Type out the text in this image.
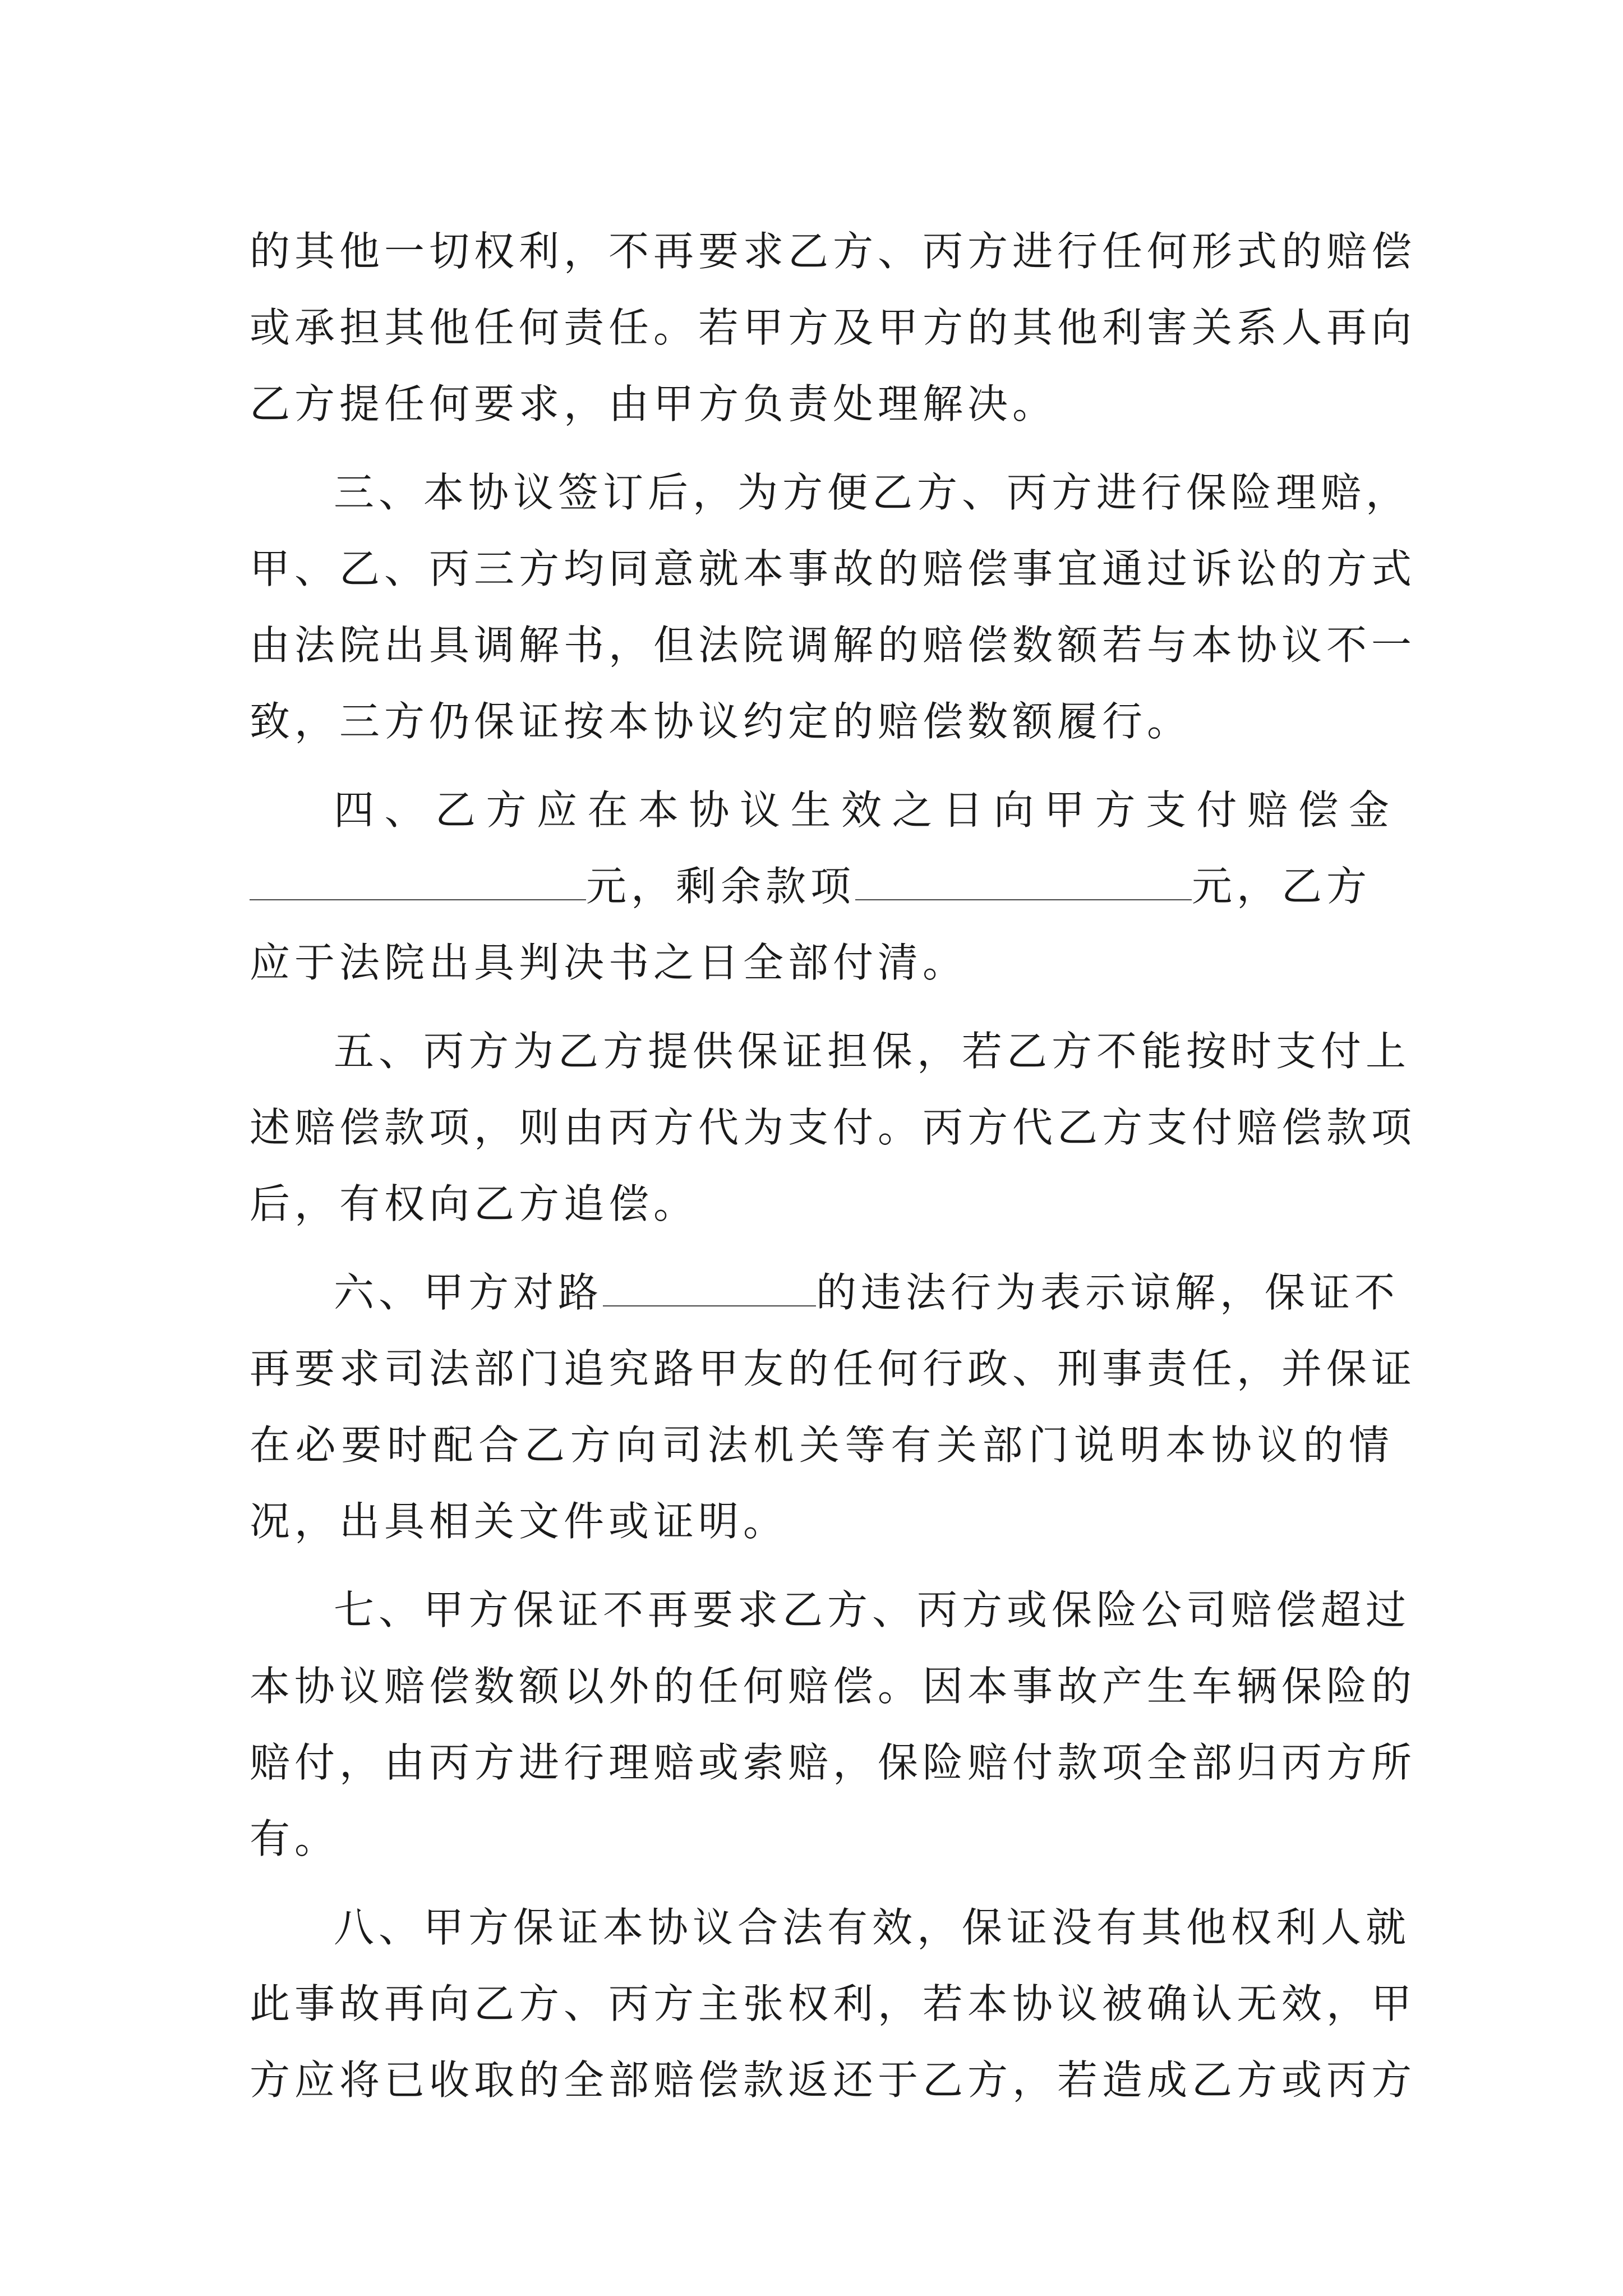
的其他一切权利，不再要求乙方、丙方进行任何形式的赔偿
或承担其他任何责任。若甲方及甲方的其他利害关系人再向
乙方提任何要求，由甲方负责处理解决。
三、本协议签订后，为方便乙方、丙方进行保险理赔，
甲、乙、丙三方均同意就本事故的赔偿事宜通过诉讼的方式
由法院出具调解书，但法院调解的赔偿数额若与本协议不一
致，三方仍保证按本协议约定的赔偿数额履行。
四、乙方应在本协议生效之日向甲方支付赔偿金
元，剩余款项	元，乙方
应于法院出具判决书之日全部付清。
五、丙方为乙方提供保证担保，若乙方不能按时支付上
述赔偿款项，则由丙方代为支付。丙方代乙方支付赔偿款项
后，有权向乙方追偿。
六、甲方对路	的违法行为表示谅解，保证不
再要求司法部门追究路甲友的任何行政、刑事责任，并保证
在必要时配合乙方向司法机关等有关部门说明本协议的情
况，出具相关文件或证明。
七、甲方保证不再要求乙方、丙方或保险公司赔偿超过
本协议赔偿数额以外的任何赔偿。因本事故产生车辆保险的
赔付，由丙方进行理赔或索赔，保险赔付款项全部归丙方所
有。
八、甲方保证本协议合法有效，保证没有其他权利人就
此事故再向乙方、丙方主张权利，若本协议被确认无效，甲
方应将已收取的全部赔偿款返还于乙方，若造成乙方或丙方
